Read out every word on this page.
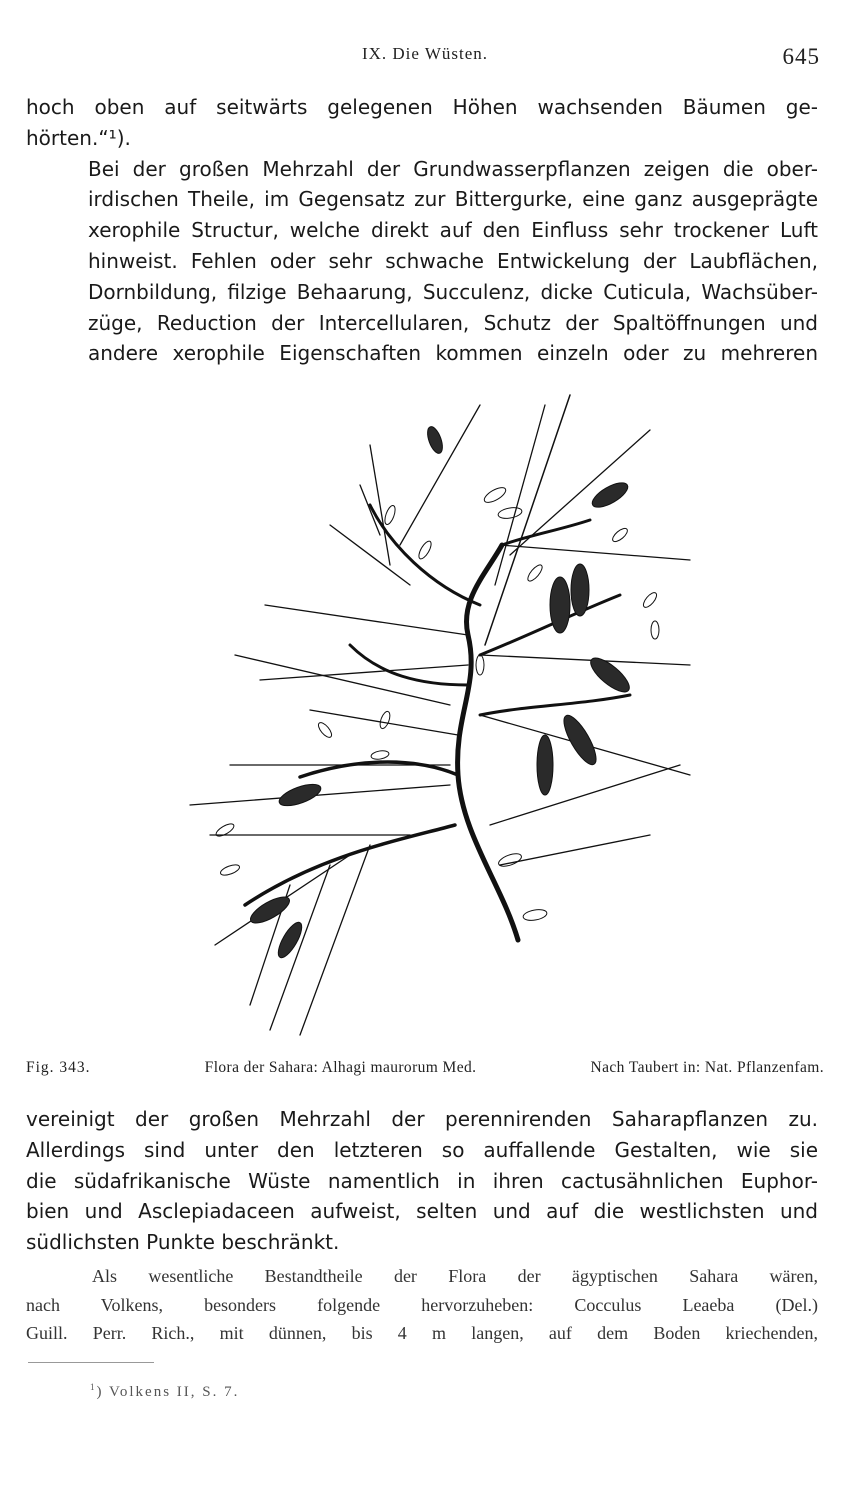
IX. Die Wüsten.	645

hoch oben auf seitwärts gelegenen Höhen wachsenden Bäumen ge-
hörten.“¹).

Bei der großen Mehrzahl der Grundwasserpflanzen zeigen die ober-
irdischen Theile, im Gegensatz zur Bittergurke, eine ganz ausgeprägte
xerophile Structur, welche direkt auf den Einfluss sehr trockener Luft
hinweist. Fehlen oder sehr schwache Entwickelung der Laubflächen,
Dornbildung, filzige Behaarung, Succulenz, dicke Cuticula, Wachsüber-
züge, Reduction der Intercellularen, Schutz der Spaltöffnungen und
andere xerophile Eigenschaften kommen einzeln oder zu mehreren

Fig. 343.	Flora der Sahara: Alhagi maurorum Med.	Nach Taubert in: Nat. Pflanzenfam.

vereinigt der großen Mehrzahl der perennirenden Saharapflanzen zu.
Allerdings sind unter den letzteren so auffallende Gestalten, wie sie
die südafrikanische Wüste namentlich in ihren cactusähnlichen Euphor-
bien und Asclepiadaceen aufweist, selten und auf die westlichsten und
südlichsten Punkte beschränkt.

Als wesentliche Bestandtheile der Flora der ägyptischen Sahara wären,
nach Volkens, besonders folgende hervorzuheben: Cocculus Leaeba (Del.)
Guill. Perr. Rich., mit dünnen, bis 4 m langen, auf dem Boden kriechenden,
$^1$) Volkens II, S. 7.
